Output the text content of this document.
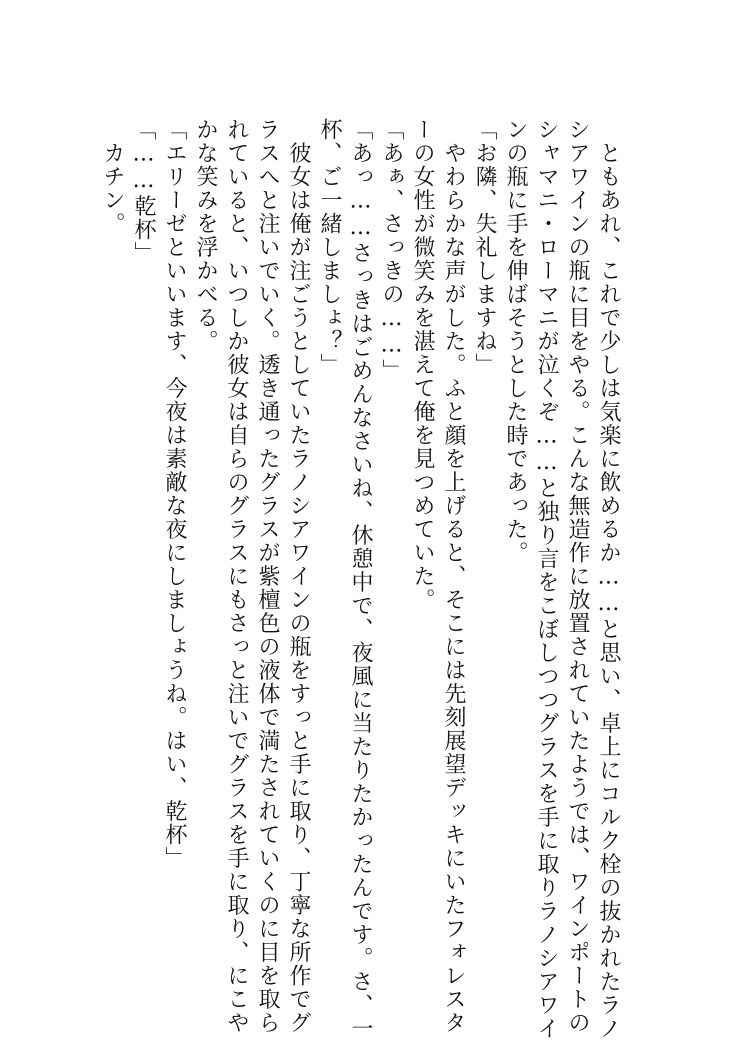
　ともあれ、これで少しは気楽に飲めるか……と思い、卓上にコルク栓の抜かれたラノ
シアワインの瓶に目をやる。こんな無造作に放置されていたようでは、ワインポートの
シャマニ・ローマニが泣くぞ……と独り言をこぼしつつグラスを手に取りラノシアワイ
ンの瓶に手を伸ばそうとした時であった。
「お隣、失礼しますね」
　やわらかな声がした。ふと顔を上げると、そこには先刻展望デッキにいたフォレスタ
ーの女性が微笑みを湛えて俺を見つめていた。
「あぁ、さっきの……」
「あっ……さっきはごめんなさいね、休憩中で、夜風に当たりたかったんです。さ、一
杯、ご一緒しましょ？」
　彼女は俺が注ごうとしていたラノシアワインの瓶をすっと手に取り、丁寧な所作でグ
ラスへと注いでいく。透き通ったグラスが紫檀色の液体で満たされていくのに目を取ら
れていると、いつしか彼女は自らのグラスにもさっと注いでグラスを手に取り、にこや
かな笑みを浮かべる。
「エリーゼといいます、今夜は素敵な夜にしましょうね。はい、乾杯」
「……乾杯」
　カチン。
